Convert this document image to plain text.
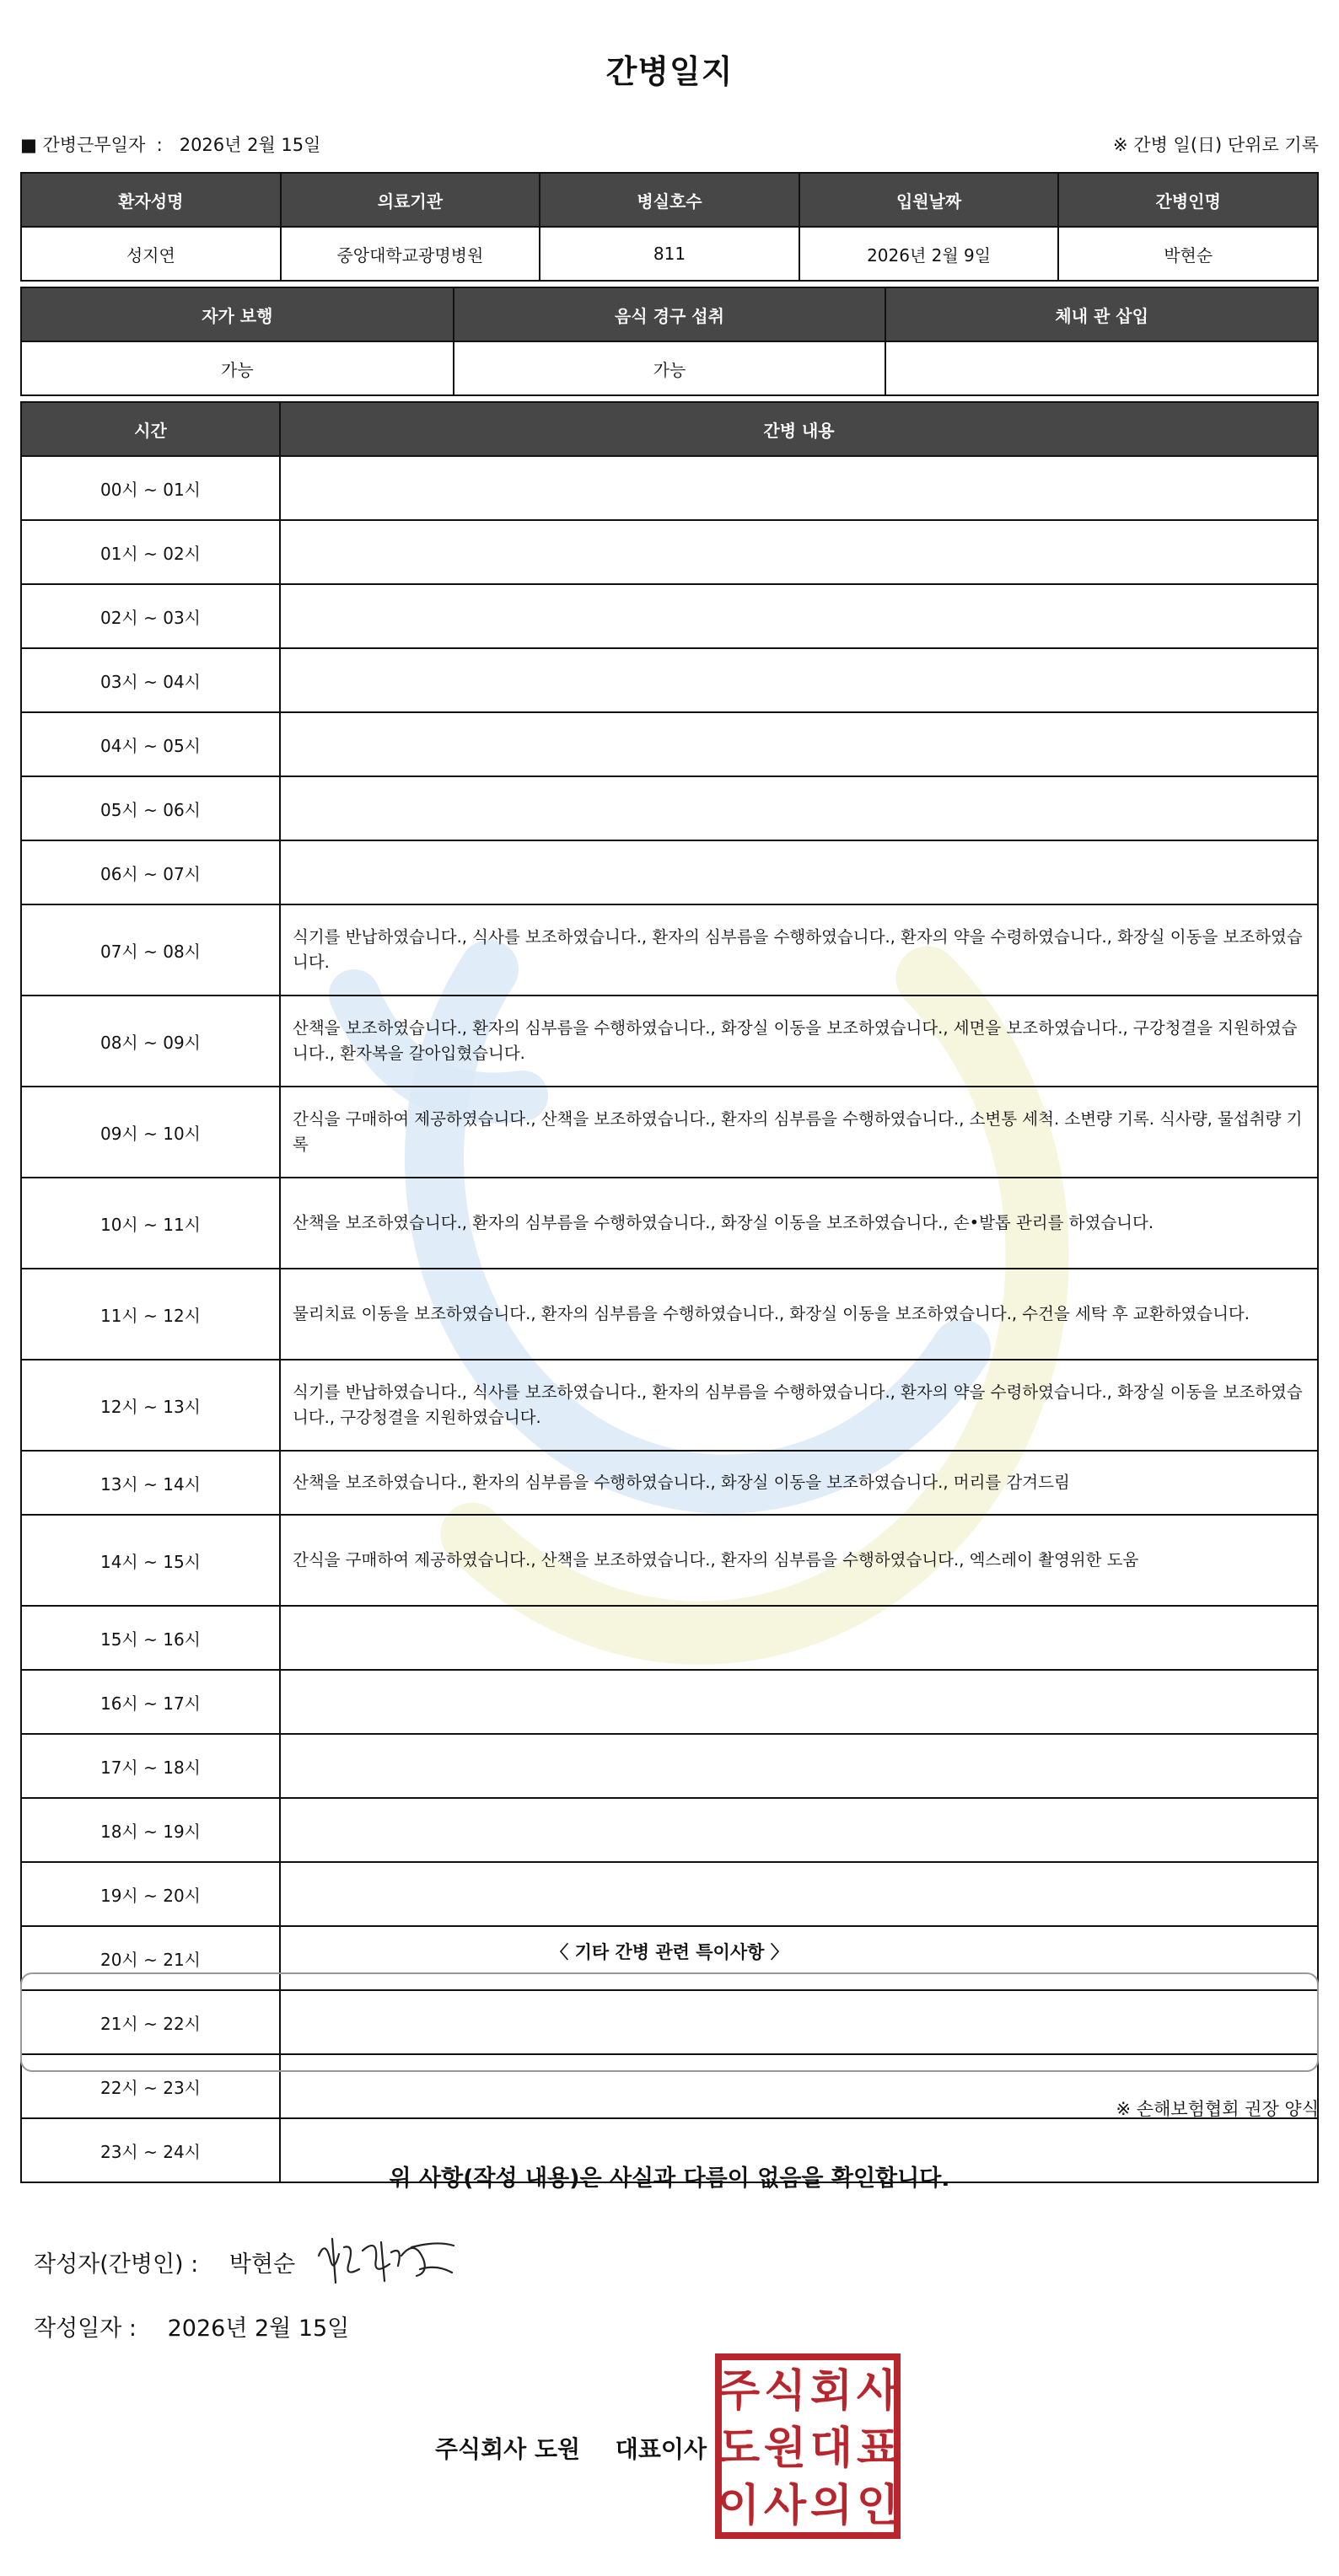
간병일지
■ 간병근무일자 : 2026년 2월 15일	※ 간병 일(日) 단위로 기록
환자성명	의료기관	병실호수	입원날짜	간병인명
성지연	중앙대학교광명병원	811	2026년 2월 9일	박현순
자가 보행	음식 경구 섭취	체내 관 삽입
가능	가능	
시간	간병 내용
00시 ~ 01시	
01시 ~ 02시	
02시 ~ 03시	
03시 ~ 04시	
04시 ~ 05시	
05시 ~ 06시	
06시 ~ 07시	
07시 ~ 08시	식기를 반납하였습니다., 식사를 보조하였습니다., 환자의 심부름을 수행하였습니다., 환자의 약을 수령하였습니다., 화장실 이동을 보조하였습니다.
08시 ~ 09시	산책을 보조하였습니다., 환자의 심부름을 수행하였습니다., 화장실 이동을 보조하였습니다., 세면을 보조하였습니다., 구강청결을 지원하였습니다., 환자복을 갈아입혔습니다.
09시 ~ 10시	간식을 구매하여 제공하였습니다., 산책을 보조하였습니다., 환자의 심부름을 수행하였습니다., 소변통 세척. 소변량 기록. 식사량, 물섭취량 기록
10시 ~ 11시	산책을 보조하였습니다., 환자의 심부름을 수행하였습니다., 화장실 이동을 보조하였습니다., 손•발톱 관리를 하였습니다.
11시 ~ 12시	물리치료 이동을 보조하였습니다., 환자의 심부름을 수행하였습니다., 화장실 이동을 보조하였습니다., 수건을 세탁 후 교환하였습니다.
12시 ~ 13시	식기를 반납하였습니다., 식사를 보조하였습니다., 환자의 심부름을 수행하였습니다., 환자의 약을 수령하였습니다., 화장실 이동을 보조하였습니다., 구강청결을 지원하였습니다.
13시 ~ 14시	산책을 보조하였습니다., 환자의 심부름을 수행하였습니다., 화장실 이동을 보조하였습니다., 머리를 감겨드림
14시 ~ 15시	간식을 구매하여 제공하였습니다., 산책을 보조하였습니다., 환자의 심부름을 수행하였습니다., 엑스레이 촬영위한 도움
15시 ~ 16시	
16시 ~ 17시	
17시 ~ 18시	
18시 ~ 19시	
19시 ~ 20시	
20시 ~ 21시	
21시 ~ 22시	
22시 ~ 23시	
23시 ~ 24시	
〈 기타 간병 관련 특이사항 〉
※ 손해보험협회 권장 양식
위 사항(작성 내용)은 사실과 다름이 없음을 확인합니다.
작성자(간병인) : 박현순
작성일자 : 2026년 2월 15일
주식회사 도원 대표이사
주 식 회 사
도 원 대 표
이 사 의 인
